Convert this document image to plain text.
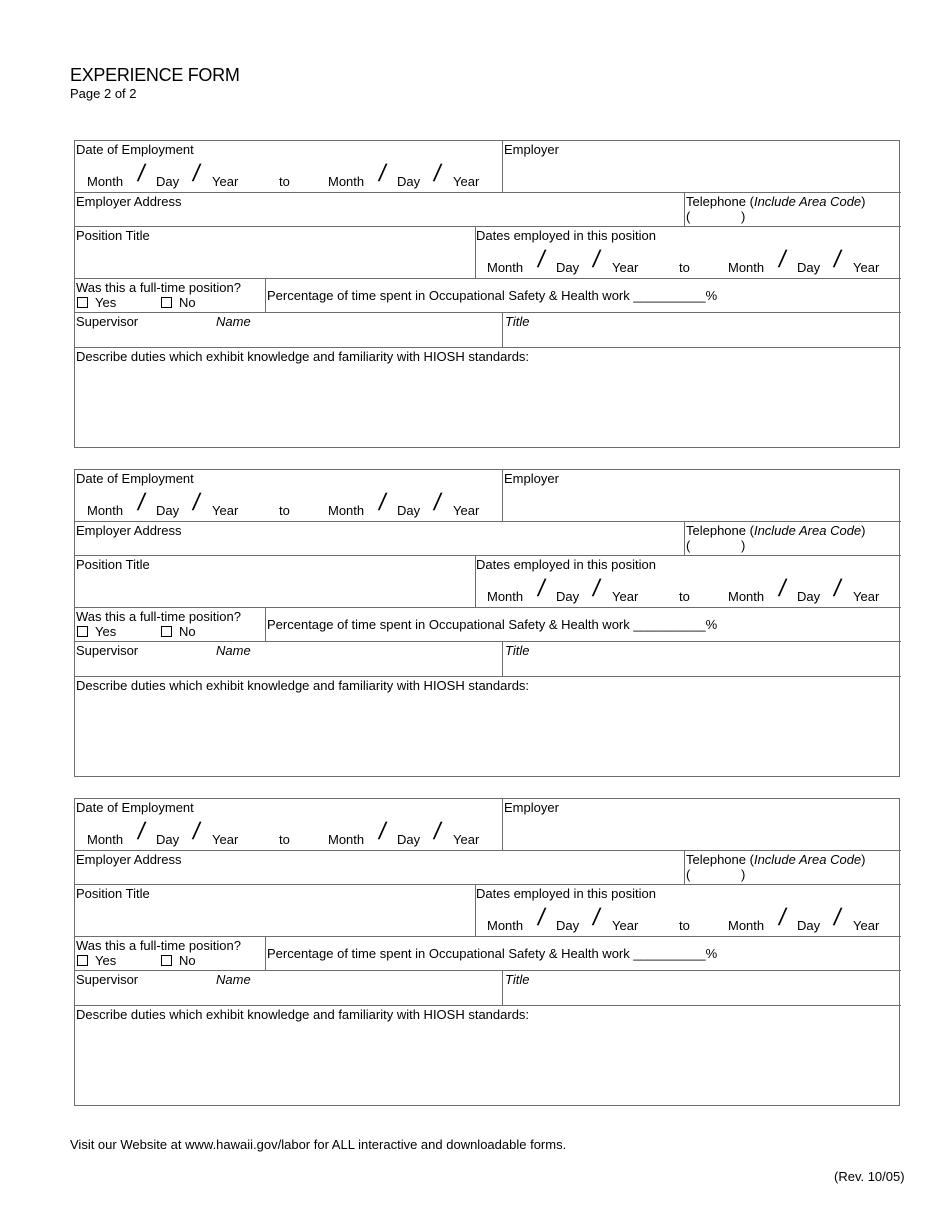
EXPERIENCE FORM
Page 2 of 2
Date of Employment
Month / Day / Year	to	Month / Day / Year
Employer
Employer Address	Telephone (Include Area Code)
(	)
Position Title	Dates employed in this position
Month / Day / Year	to	Month / Day / Year
Was this a full-time position?
Yes	No	Percentage of time spent in Occupational Safety & Health work __________%
Supervisor	Name	Title
Describe duties which exhibit knowledge and familiarity with HIOSH standards:
Date of Employment
Month / Day / Year	to	Month / Day / Year
Employer
Employer Address	Telephone (Include Area Code)
(	)
Position Title	Dates employed in this position
Month / Day / Year	to	Month / Day / Year
Was this a full-time position?
Yes	No	Percentage of time spent in Occupational Safety & Health work __________%
Supervisor	Name	Title
Describe duties which exhibit knowledge and familiarity with HIOSH standards:
Date of Employment
Month / Day / Year	to	Month / Day / Year
Employer
Employer Address	Telephone (Include Area Code)
(	)
Position Title	Dates employed in this position
Month / Day / Year	to	Month / Day / Year
Was this a full-time position?
Yes	No	Percentage of time spent in Occupational Safety & Health work __________%
Supervisor	Name	Title
Describe duties which exhibit knowledge and familiarity with HIOSH standards:
Visit our Website at www.hawaii.gov/labor for ALL interactive and downloadable forms.
(Rev. 10/05)
